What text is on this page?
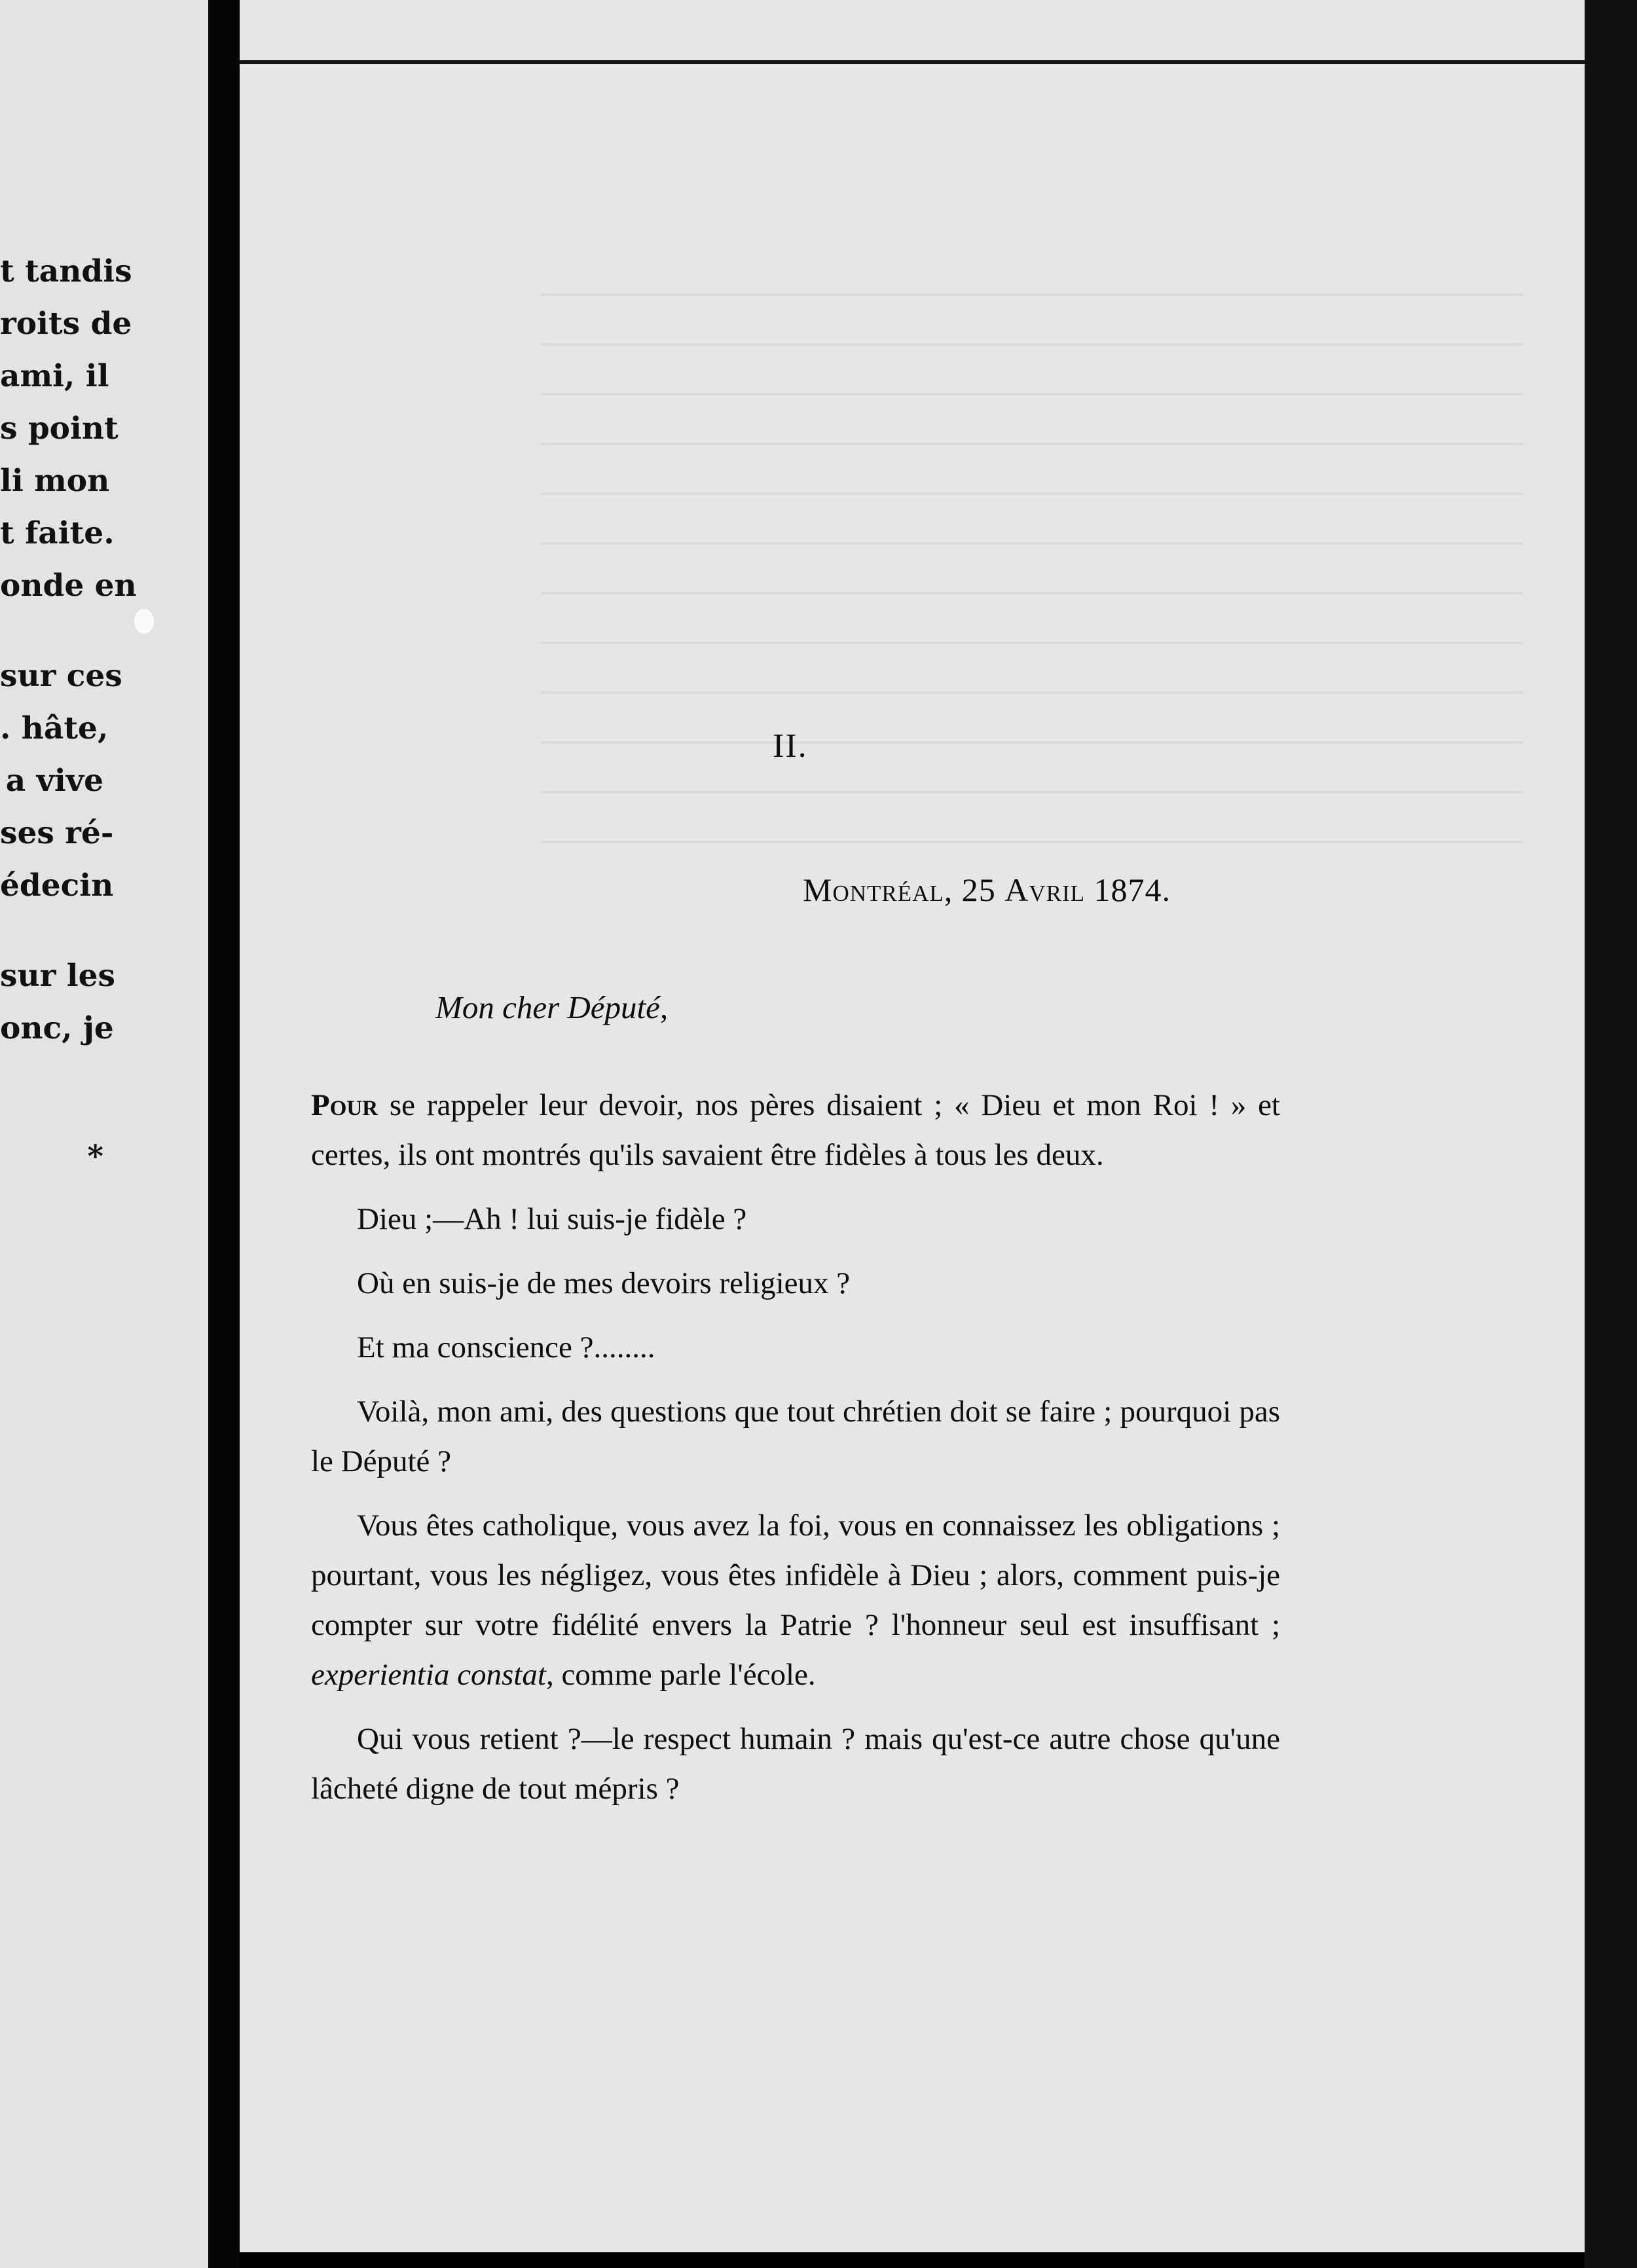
t tandis
roits de
ami, il
s point
li mon
t faite.
onde en
sur ces
. hâte,
a vive
ses ré-
édecin
sur les
onc, je
*
II.
Montréal, 25 Avril 1874.
Mon cher Député,

Pour se rappeler leur devoir, nos pères disaient ; « Dieu et mon Roi ! » et certes, ils ont montrés qu'ils savaient être fidèles à tous les deux.

Dieu ;—Ah ! lui suis-je fidèle ?

Où en suis-je de mes devoirs religieux ?

Et ma conscience ?........

Voilà, mon ami, des questions que tout chrétien doit se faire ; pourquoi pas le Député ?

Vous êtes catholique, vous avez la foi, vous en connaissez les obligations ; pourtant, vous les négligez, vous êtes infidèle à Dieu ; alors, comment puis-je compter sur votre fidélité envers la Patrie ? l'honneur seul est insuffisant ; experientia constat, comme parle l'école.

Qui vous retient ?—le respect humain ? mais qu'est-ce autre chose qu'une lâcheté digne de tout mépris ?
